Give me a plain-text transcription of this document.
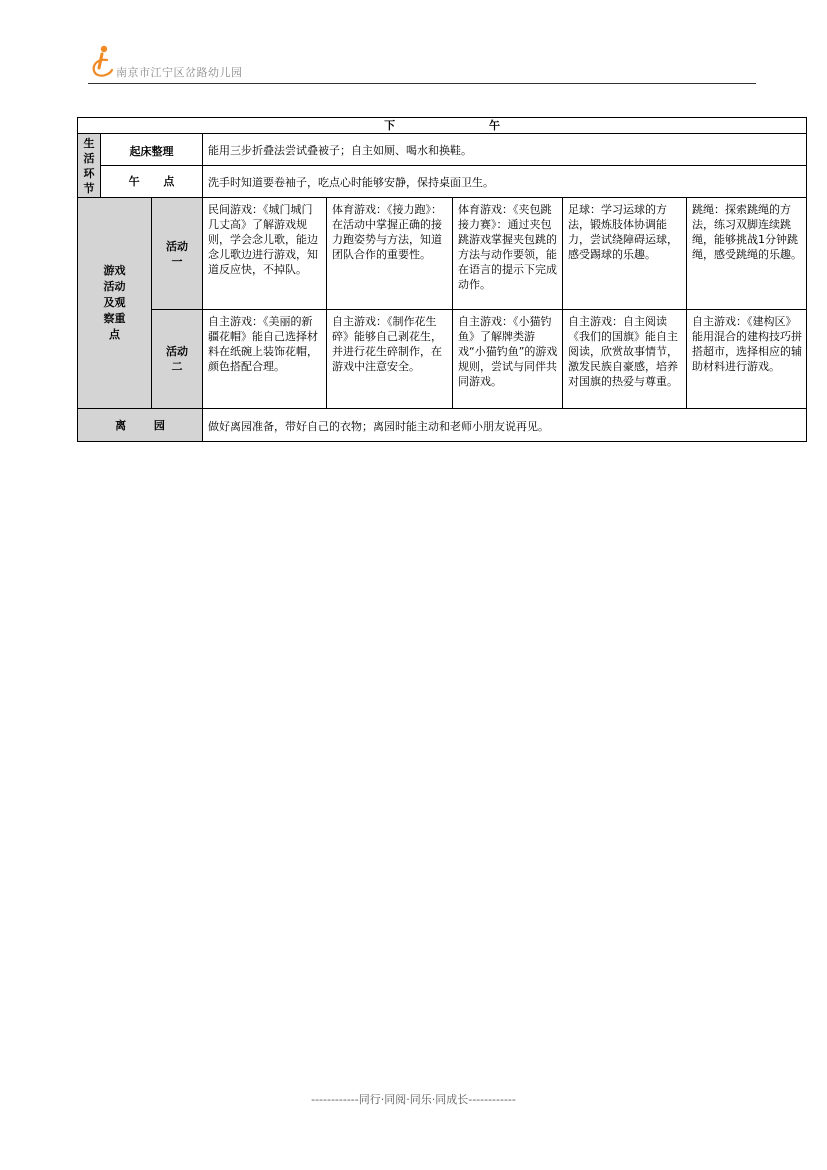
南京市江宁区岔路幼儿园
下 午							

生活环节	起床整理		能用三步折叠法尝试叠被子；自主如厕、喝水和换鞋。				
	午 点		洗手时知道要卷袖子，吃点心时能够安静，保持桌面卫生。				

游戏活动及观察重点		活动一	民间游戏：《城门城门几丈高》了解游戏规则，学会念儿歌，能边念儿歌边进行游戏，知道反应快，不掉队。	体育游戏：《接力跑》：在活动中掌握正确的接力跑姿势与方法，知道团队合作的重要性。	体育游戏：《夹包跳接力赛》：通过夹包跳游戏掌握夹包跳的方法与动作要领，能在语言的提示下完成动作。	足球：学习运球的方法，锻炼肢体协调能力，尝试绕障碍运球，感受踢球的乐趣。	跳绳：探索跳绳的方法，练习双脚连续跳绳，能够挑战1分钟跳绳，感受跳绳的乐趣。

		活动二	自主游戏：《美丽的新疆花帽》能自己选择材料在纸碗上装饰花帽，颜色搭配合理。	自主游戏：《制作花生碎》能够自己剥花生，并进行花生碎制作，在游戏中注意安全。	自主游戏：《小猫钓鱼》了解牌类游戏“小猫钓鱼”的游戏规则，尝试与同伴共同游戏。	自主游戏：自主阅读《我们的国旗》能自主阅读，欣赏故事情节，激发民族自豪感，培养对国旗的热爱与尊重。	自主游戏：《建构区》能用混合的建构技巧拼搭超市，选择相应的辅助材料进行游戏。
离 园			做好离园准备，带好自己的衣物；离园时能主动和老师小朋友说再见。				
------------同行·同阅·同乐·同成长------------
